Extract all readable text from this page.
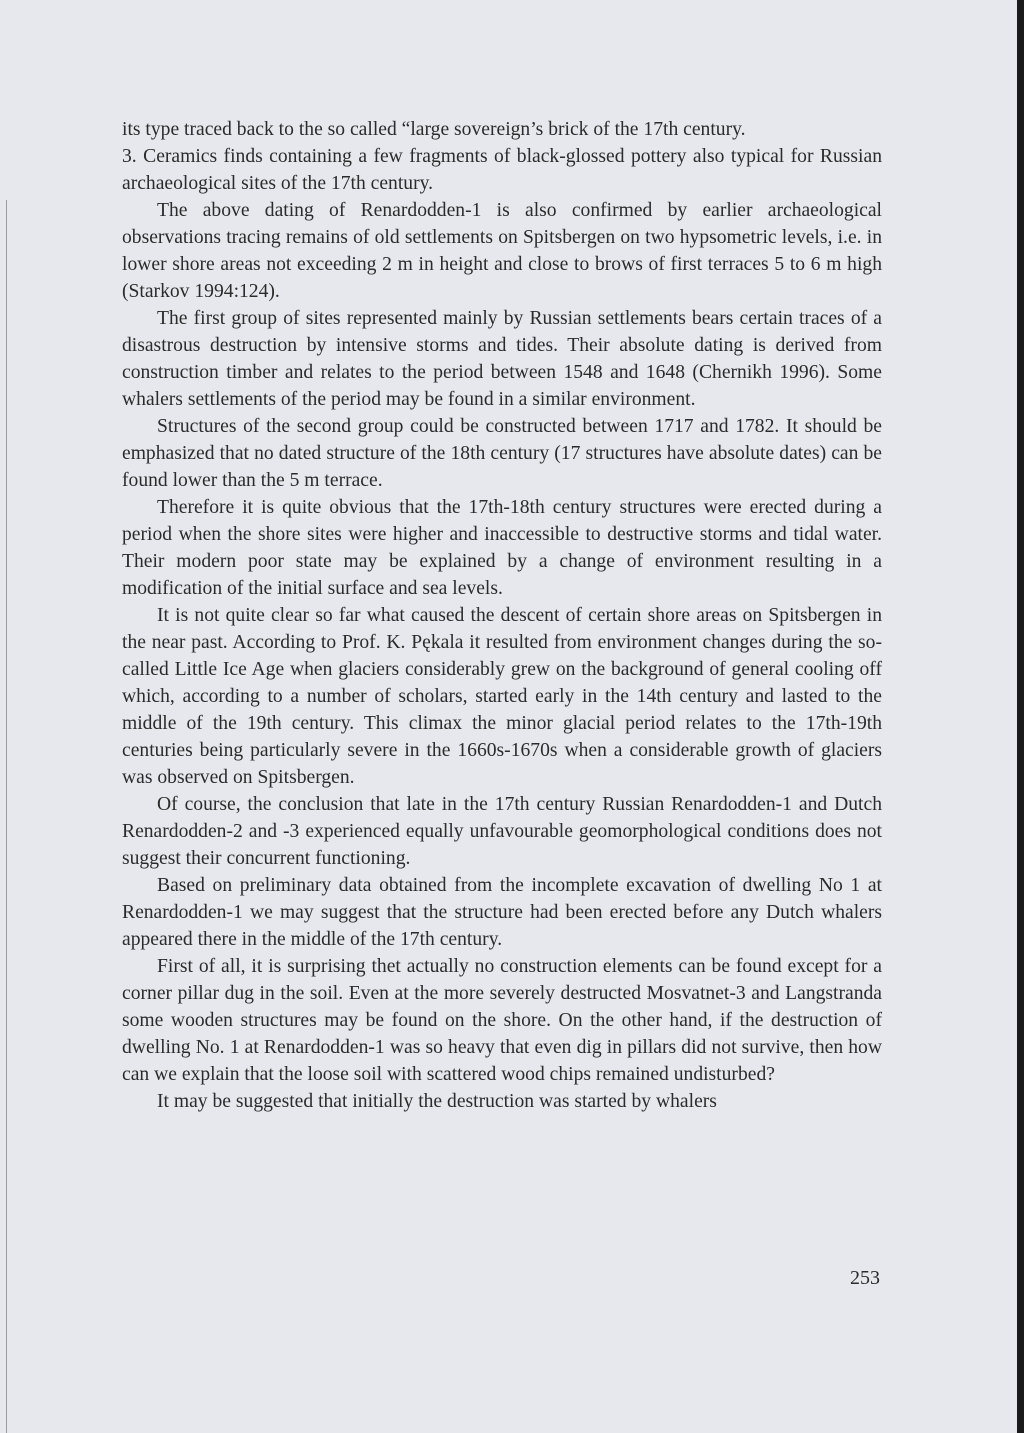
its type traced back to the so called “large sovereign’s brick of the 17th century.

3. Ceramics finds containing a few fragments of black-glossed pottery also typical for Russian archaeological sites of the 17th century.

The above dating of Renardodden-1 is also confirmed by earlier archaeological observations tracing remains of old settlements on Spitsbergen on two hypsometric levels, i.e. in lower shore areas not exceeding 2 m in height and close to brows of first terraces 5 to 6 m high (Starkov 1994:124).

The first group of sites represented mainly by Russian settlements bears certain traces of a disastrous destruction by intensive storms and tides. Their absolute dating is derived from construction timber and relates to the period between 1548 and 1648 (Chernikh 1996). Some whalers settlements of the period may be found in a similar environment.

Structures of the second group could be constructed between 1717 and 1782. It should be emphasized that no dated structure of the 18th century (17 structures have absolute dates) can be found lower than the 5 m terrace.

Therefore it is quite obvious that the 17th-18th century structures were erected during a period when the shore sites were higher and inaccessible to destructive storms and tidal water. Their modern poor state may be explained by a change of environment resulting in a modification of the initial surface and sea levels.

It is not quite clear so far what caused the descent of certain shore areas on Spitsbergen in the near past. According to Prof. K. Pękala it resulted from environment changes during the so-called Little Ice Age when glaciers considerably grew on the background of general cooling off which, according to a number of scholars, started early in the 14th century and lasted to the middle of the 19th century. This climax the minor glacial period relates to the 17th-19th centuries being particularly severe in the 1660s-1670s when a considerable growth of glaciers was observed on Spitsbergen.

Of course, the conclusion that late in the 17th century Russian Renardodden-1 and Dutch Renardodden-2 and -3 experienced equally unfavourable geomorphological conditions does not suggest their concurrent functioning.

Based on preliminary data obtained from the incomplete excavation of dwelling No 1 at Renardodden-1 we may suggest that the structure had been erected before any Dutch whalers appeared there in the middle of the 17th century.

First of all, it is surprising thet actually no construction elements can be found except for a corner pillar dug in the soil. Even at the more severely destructed Mosvatnet-3 and Langstranda some wooden structures may be found on the shore. On the other hand, if the destruction of dwelling No. 1 at Renardodden-1 was so heavy that even dig in pillars did not survive, then how can we explain that the loose soil with scattered wood chips remained undisturbed?

It may be suggested that initially the destruction was started by whalers

253
